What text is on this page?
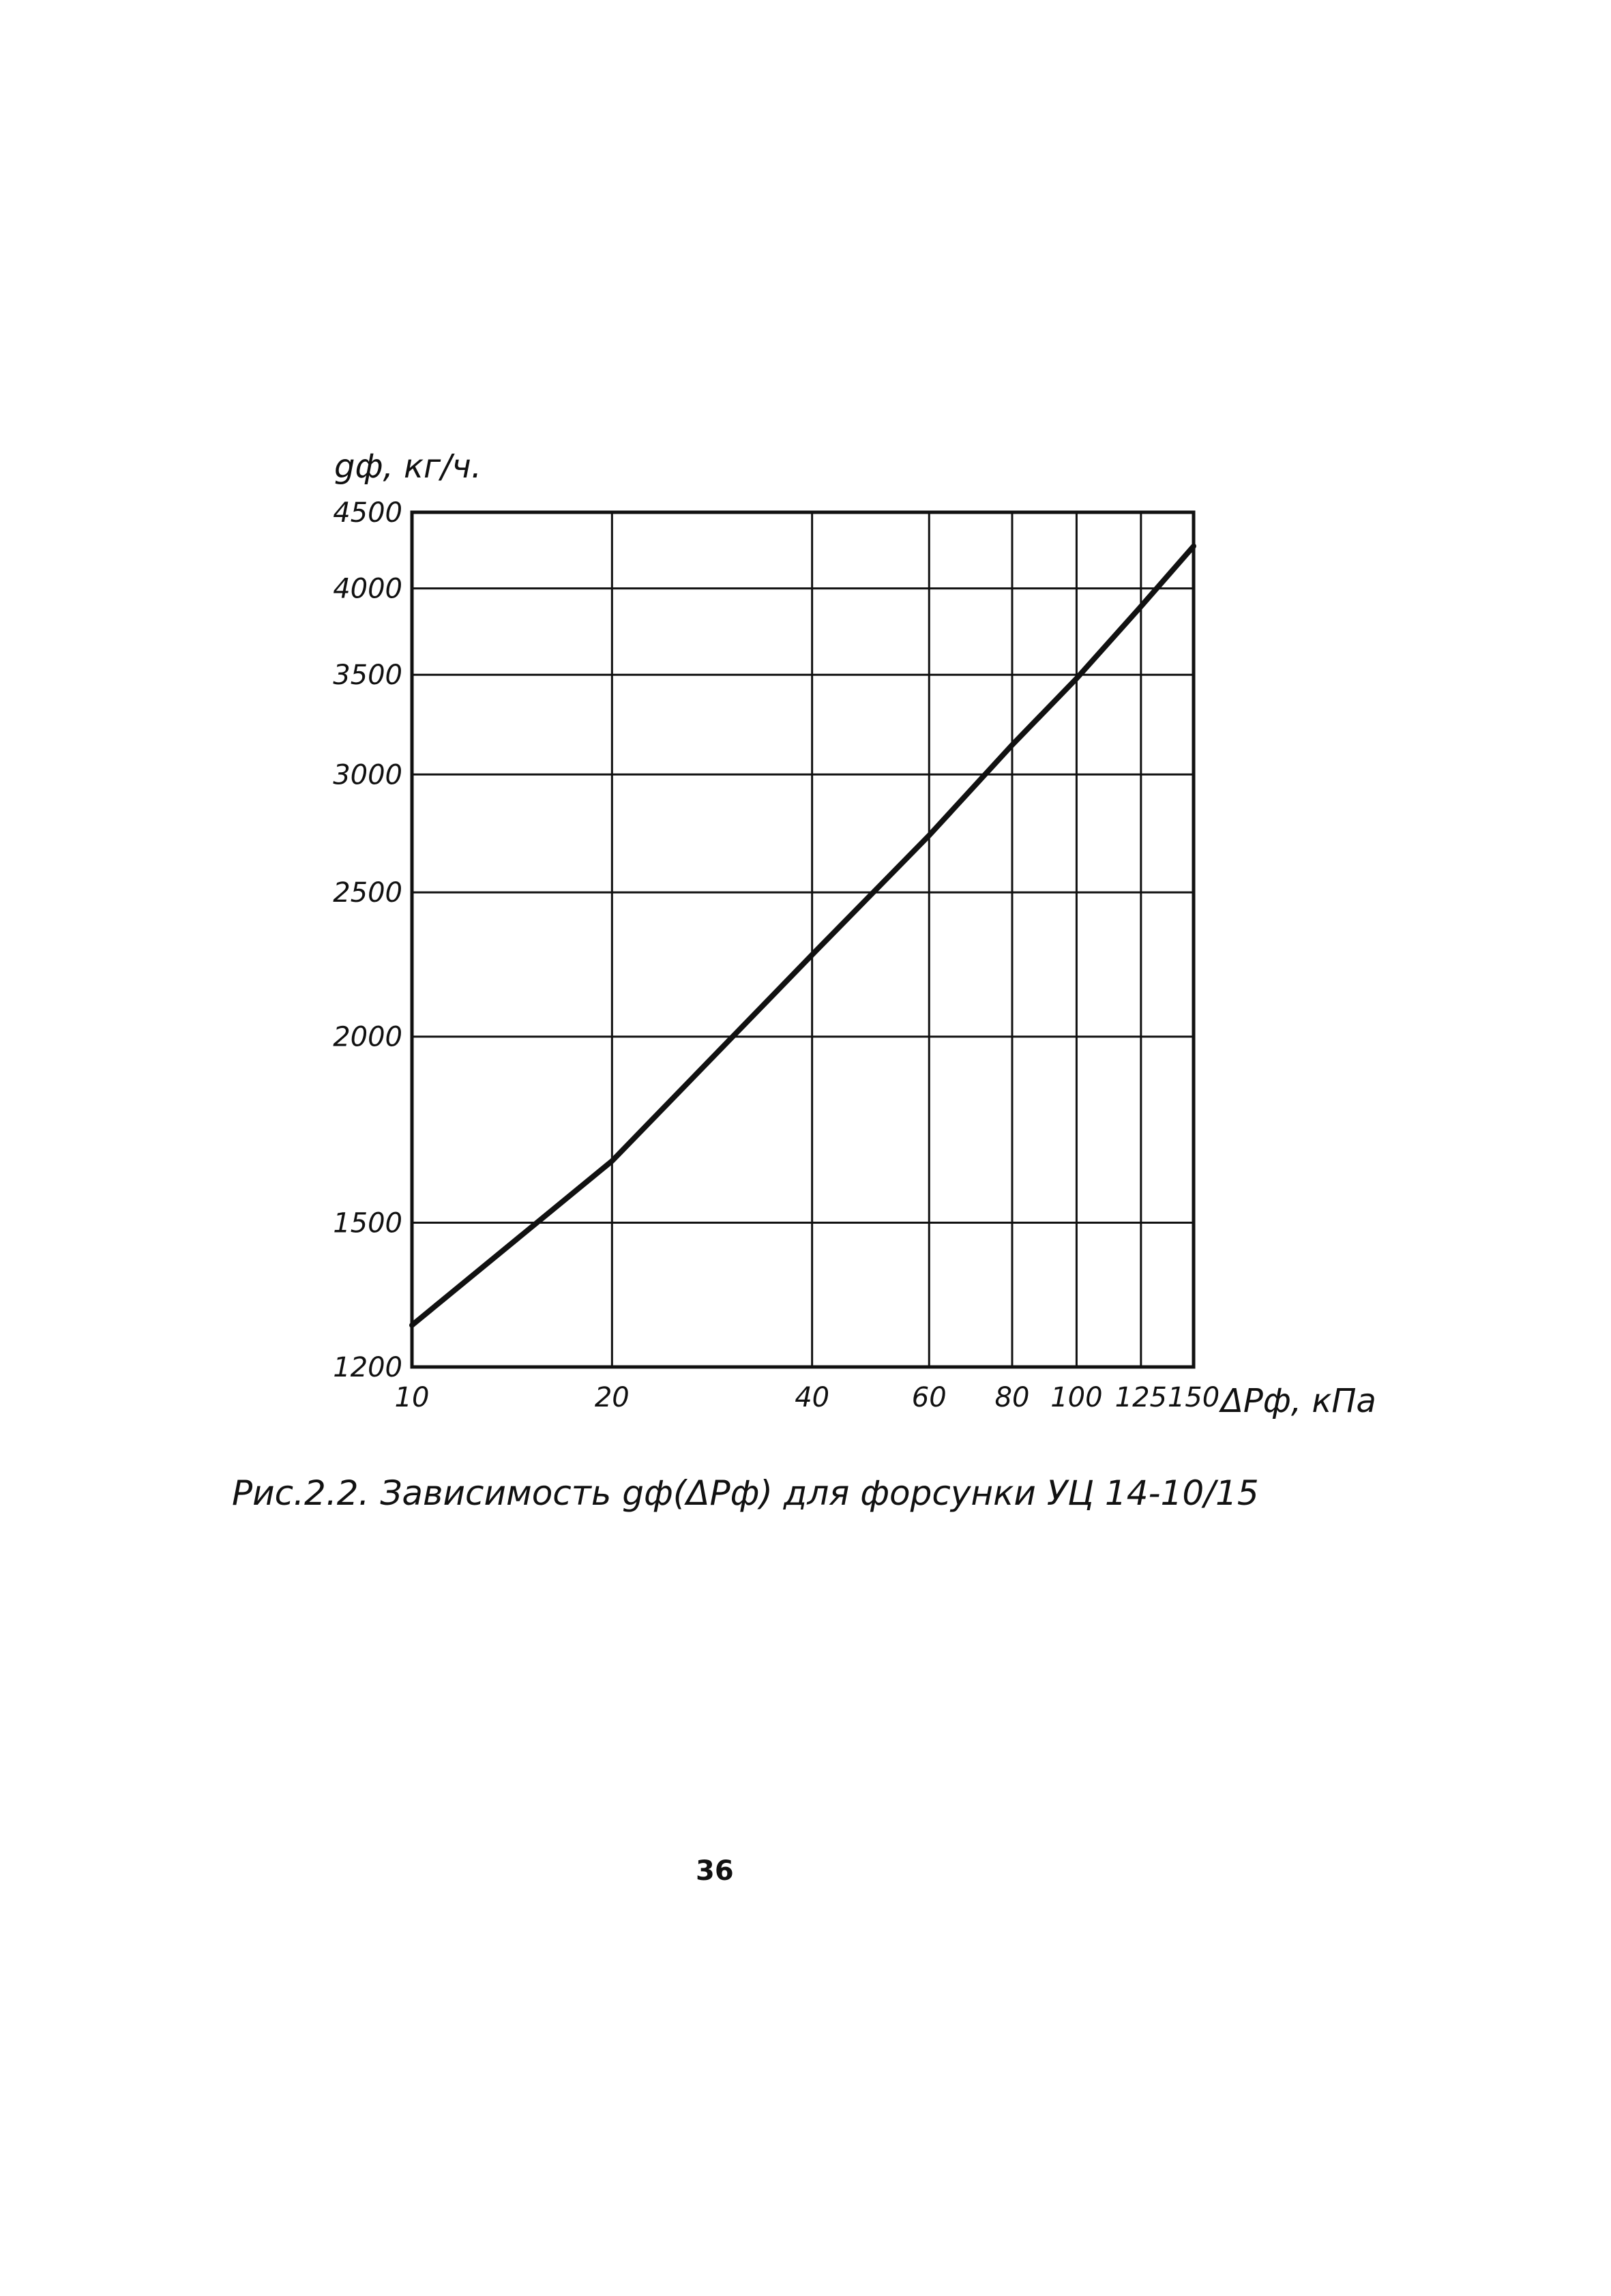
1200
1500
2000
2500
3000
3500
4000
4500
10	20	40	60 80 100 125 150
gф, кг/ч.
ΔPф, кПа
Рис.2.2. Зависимость gф(ΔPф) для форсунки УЦ 14-10/15
36
